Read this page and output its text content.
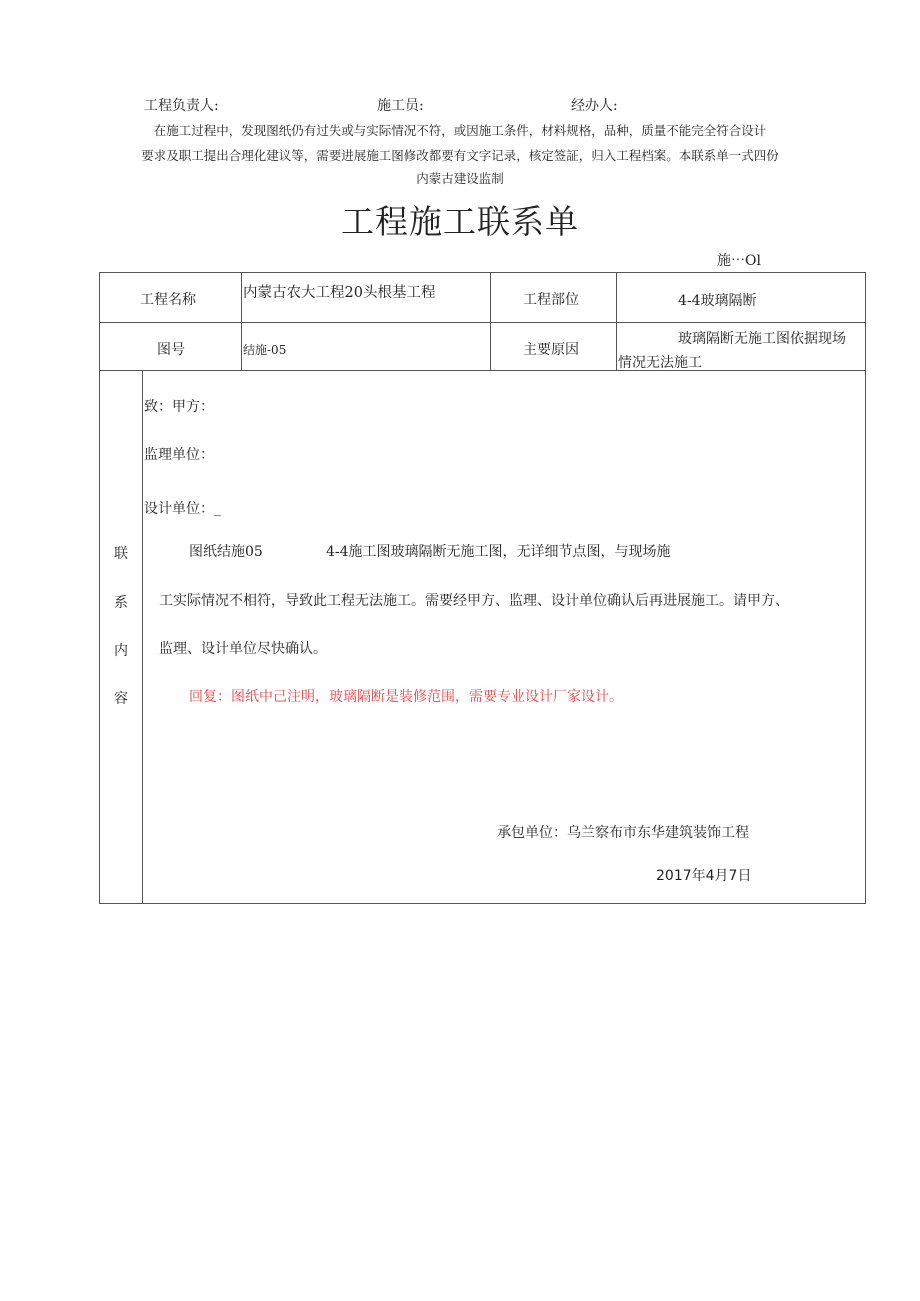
工程负责人:	施工员:	经办人:
在施工过程中，发现图纸仍有过失或与实际情况不符，或因施工条件，材料规格，品种，质量不能完全符合设计
要求及职工提出合理化建议等，需要进展施工图修改都要有文字记录，核定签証，归入工程档案。本联系单一式四份
内蒙古建设监制
工程施工联系单
施⋯Ol
工程名称	内蒙古农大工程20头根基工程	工程部位	4-4玻璃隔断
图号	结施-05	主要原因
玻璃隔断无施工图依据现场
情况无法施工
联
系
内
容
致：甲方：
监理单位：
设计单位：_
图纸结施05	4-4施工图玻璃隔断无施工图，无详细节点图，与现场施
工实际情况不相符，导致此工程无法施工。需要经甲方、监理、设计单位确认后再进展施工。请甲方、
监理、设计单位尽快确认。
回复：图纸中己注明，玻璃隔断是装修范围，需要专业设计厂家设计。
承包单位：乌兰察布市东华建筑装饰工程
2017年4月7日
